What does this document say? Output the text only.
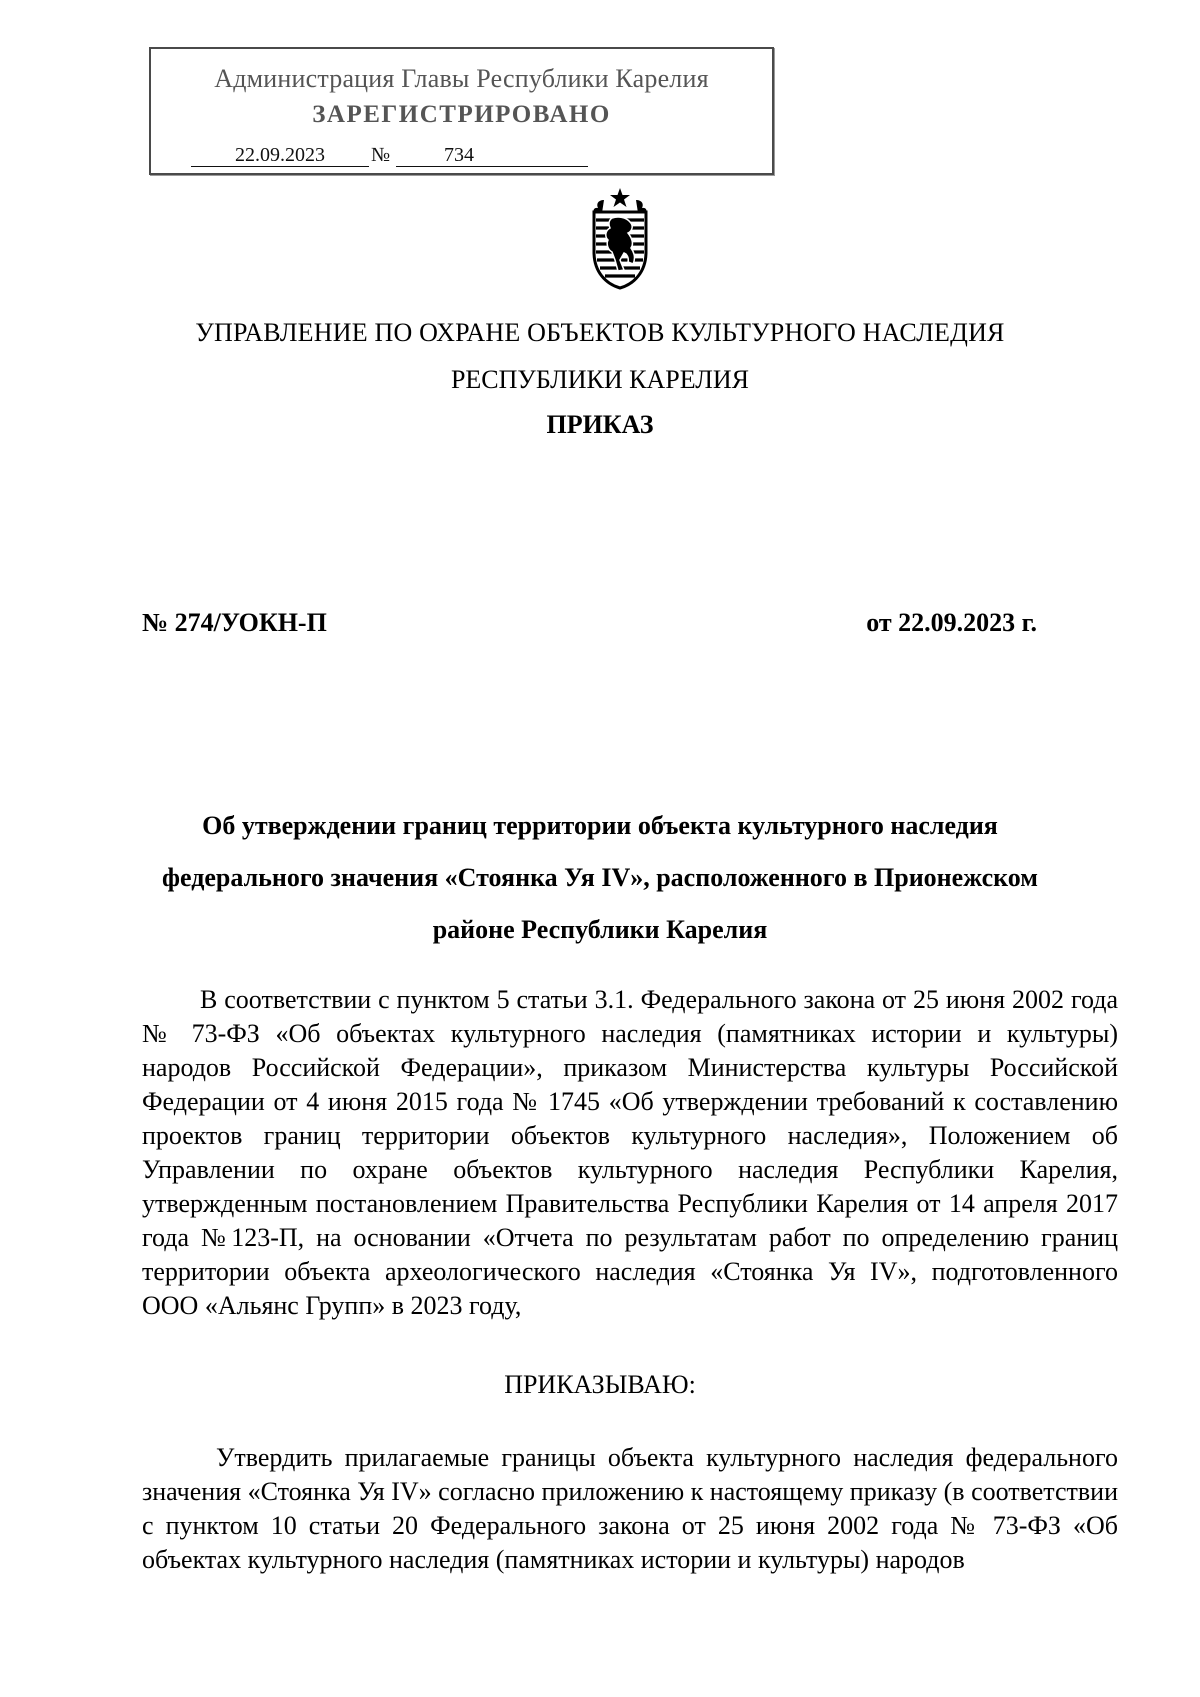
Администрация Главы Республики Карелия
ЗАРЕГИСТРИРОВАНО
22.09.2023	№	734
УПРАВЛЕНИЕ ПО ОХРАНЕ ОБЪЕКТОВ КУЛЬТУРНОГО НАСЛЕДИЯ
РЕСПУБЛИКИ КАРЕЛИЯ
ПРИКАЗ
№ 274/УОКН-П	от 22.09.2023 г.
Об утверждении границ территории объекта культурного наследия федерального значения «Стоянка Уя IV», расположенного в Прионежском районе Республики Карелия
В соответствии с пунктом 5 статьи 3.1. Федерального закона от 25 июня 2002 года № 73-ФЗ «Об объектах культурного наследия (памятниках истории и культуры) народов Российской Федерации», приказом Министерства культуры Российской Федерации от 4 июня 2015 года № 1745 «Об утверждении требований к составлению проектов границ территории объектов культурного наследия», Положением об Управлении по охране объектов культурного наследия Республики Карелия, утвержденным постановлением Правительства Республики Карелия от 14 апреля 2017 года №123-П, на основании «Отчета по результатам работ по определению границ территории объекта археологического наследия «Стоянка Уя IV», подготовленного ООО «Альянс Групп» в 2023 году,
ПРИКАЗЫВАЮ:
Утвердить прилагаемые границы объекта культурного наследия федерального значения «Стоянка Уя IV» согласно приложению к настоящему приказу (в соответствии с пунктом 10 статьи 20 Федерального закона от 25 июня 2002 года № 73-ФЗ «Об объектах культурного наследия (памятниках истории и культуры) народов
